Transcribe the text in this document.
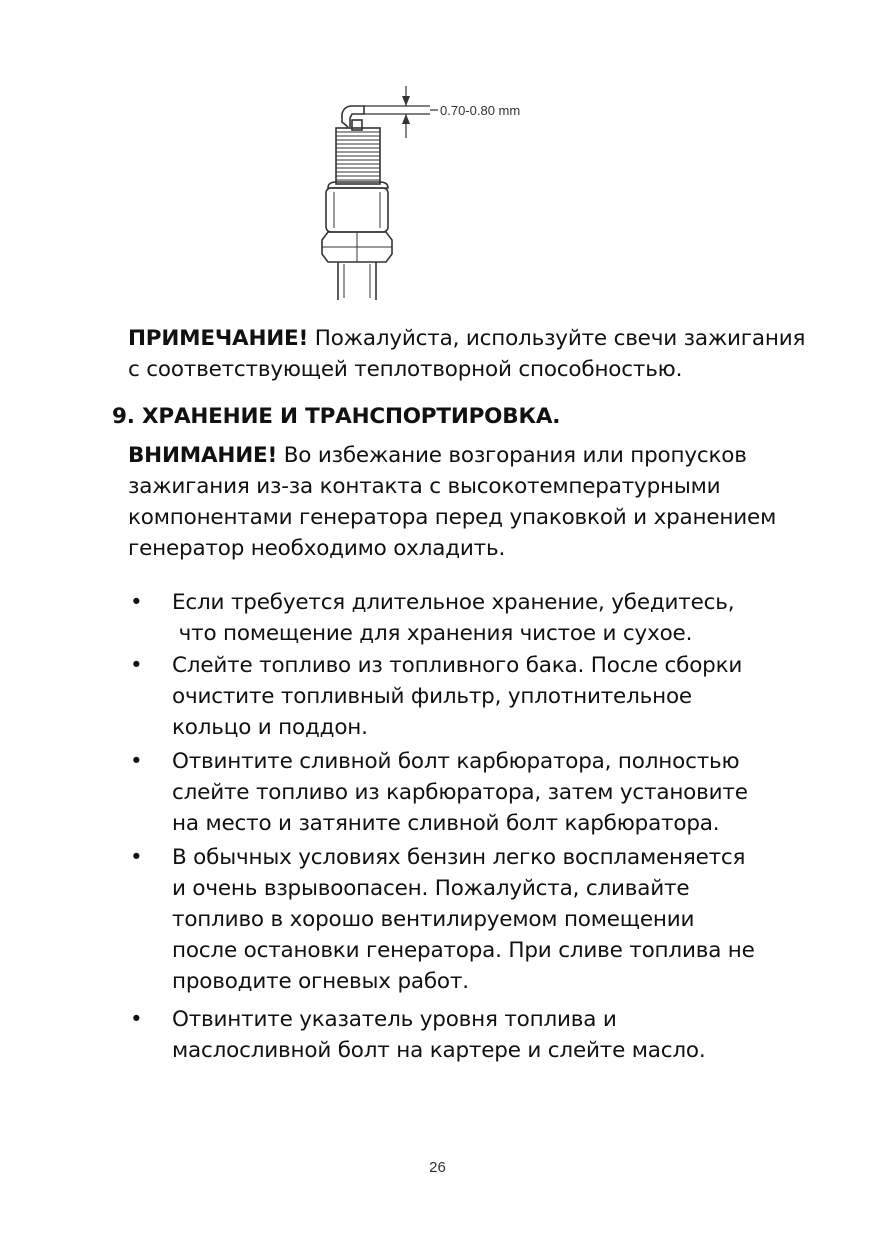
0.70-0.80 mm
ПРИМЕЧАНИЕ! Пожалуйста, используйте свечи зажигания
с соответствующей теплотворной способностью.
9. ХРАНЕНИЕ И ТРАНСПОРТИРОВКА.
ВНИМАНИЕ! Во избежание возгорания или пропусков
зажигания из-за контакта с высокотемпературными
компонентами генератора перед упаковкой и хранением
генератор необходимо охладить.
•	Если требуется длительное хранение, убедитесь,
что помещение для хранения чистое и сухое.
•	Слейте топливо из топливного бака. После сборки
очистите топливный фильтр, уплотнительное
кольцо и поддон.
•	Отвинтите сливной болт карбюратора, полностью
слейте топливо из карбюратора, затем установите
на место и затяните сливной болт карбюратора.
•	В обычных условиях бензин легко воспламеняется
и очень взрывоопасен. Пожалуйста, сливайте
топливо в хорошо вентилируемом помещении
после остановки генератора. При сливе топлива не
проводите огневых работ.
•	Отвинтите указатель уровня топлива и
маслосливной болт на картере и слейте масло.
26
